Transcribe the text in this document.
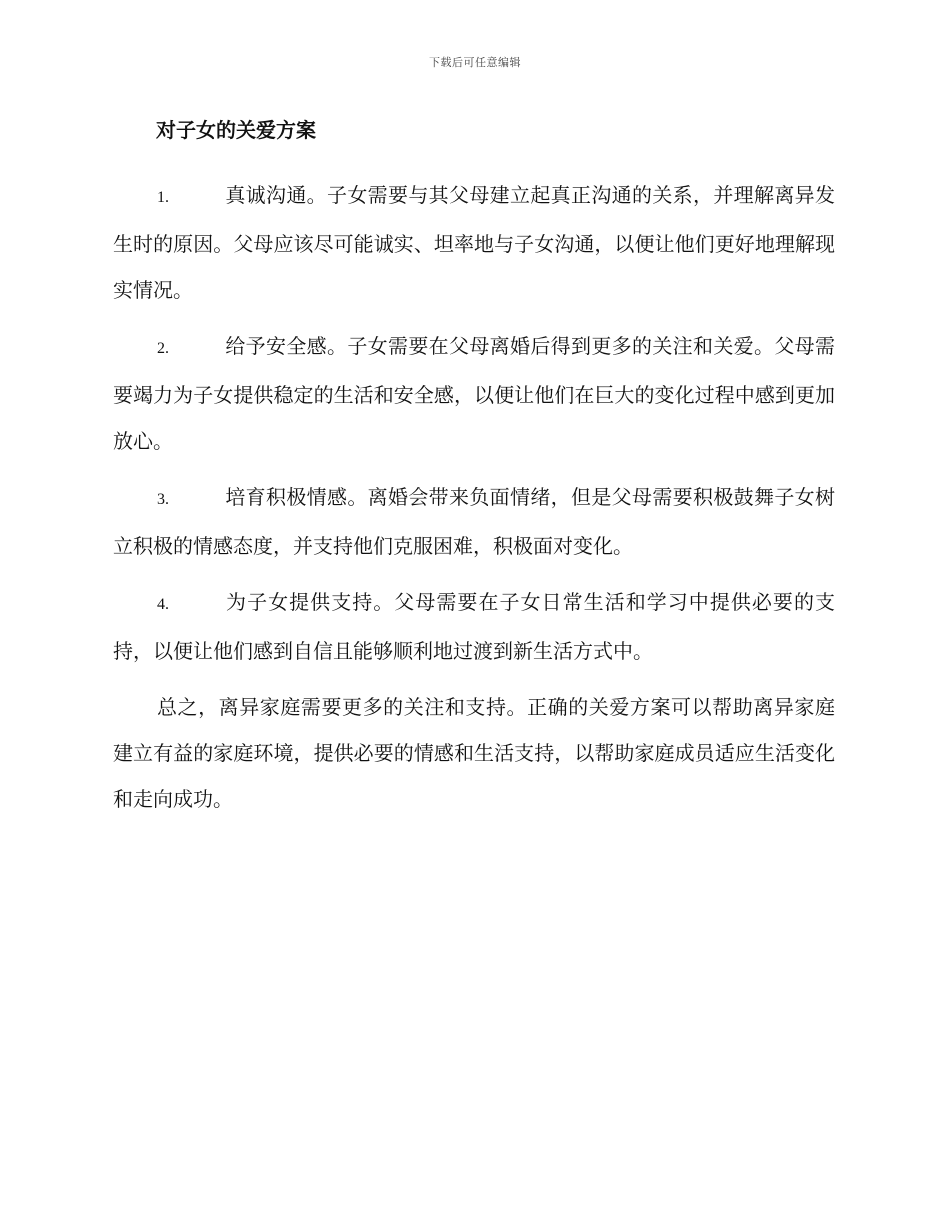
下载后可任意编辑
对子女的关爱方案

1.	真诚沟通。子女需要与其父母建立起真正沟通的关系，并理解离异发生时的原因。父母应该尽可能诚实、坦率地与子女沟通，以便让他们更好地理解现实情况。

2.	给予安全感。子女需要在父母离婚后得到更多的关注和关爱。父母需要竭力为子女提供稳定的生活和安全感，以便让他们在巨大的变化过程中感到更加放心。

3.	培育积极情感。离婚会带来负面情绪，但是父母需要积极鼓舞子女树立积极的情感态度，并支持他们克服困难，积极面对变化。

4.	为子女提供支持。父母需要在子女日常生活和学习中提供必要的支持，以便让他们感到自信且能够顺利地过渡到新生活方式中。

总之，离异家庭需要更多的关注和支持。正确的关爱方案可以帮助离异家庭建立有益的家庭环境，提供必要的情感和生活支持，以帮助家庭成员适应生活变化和走向成功。
